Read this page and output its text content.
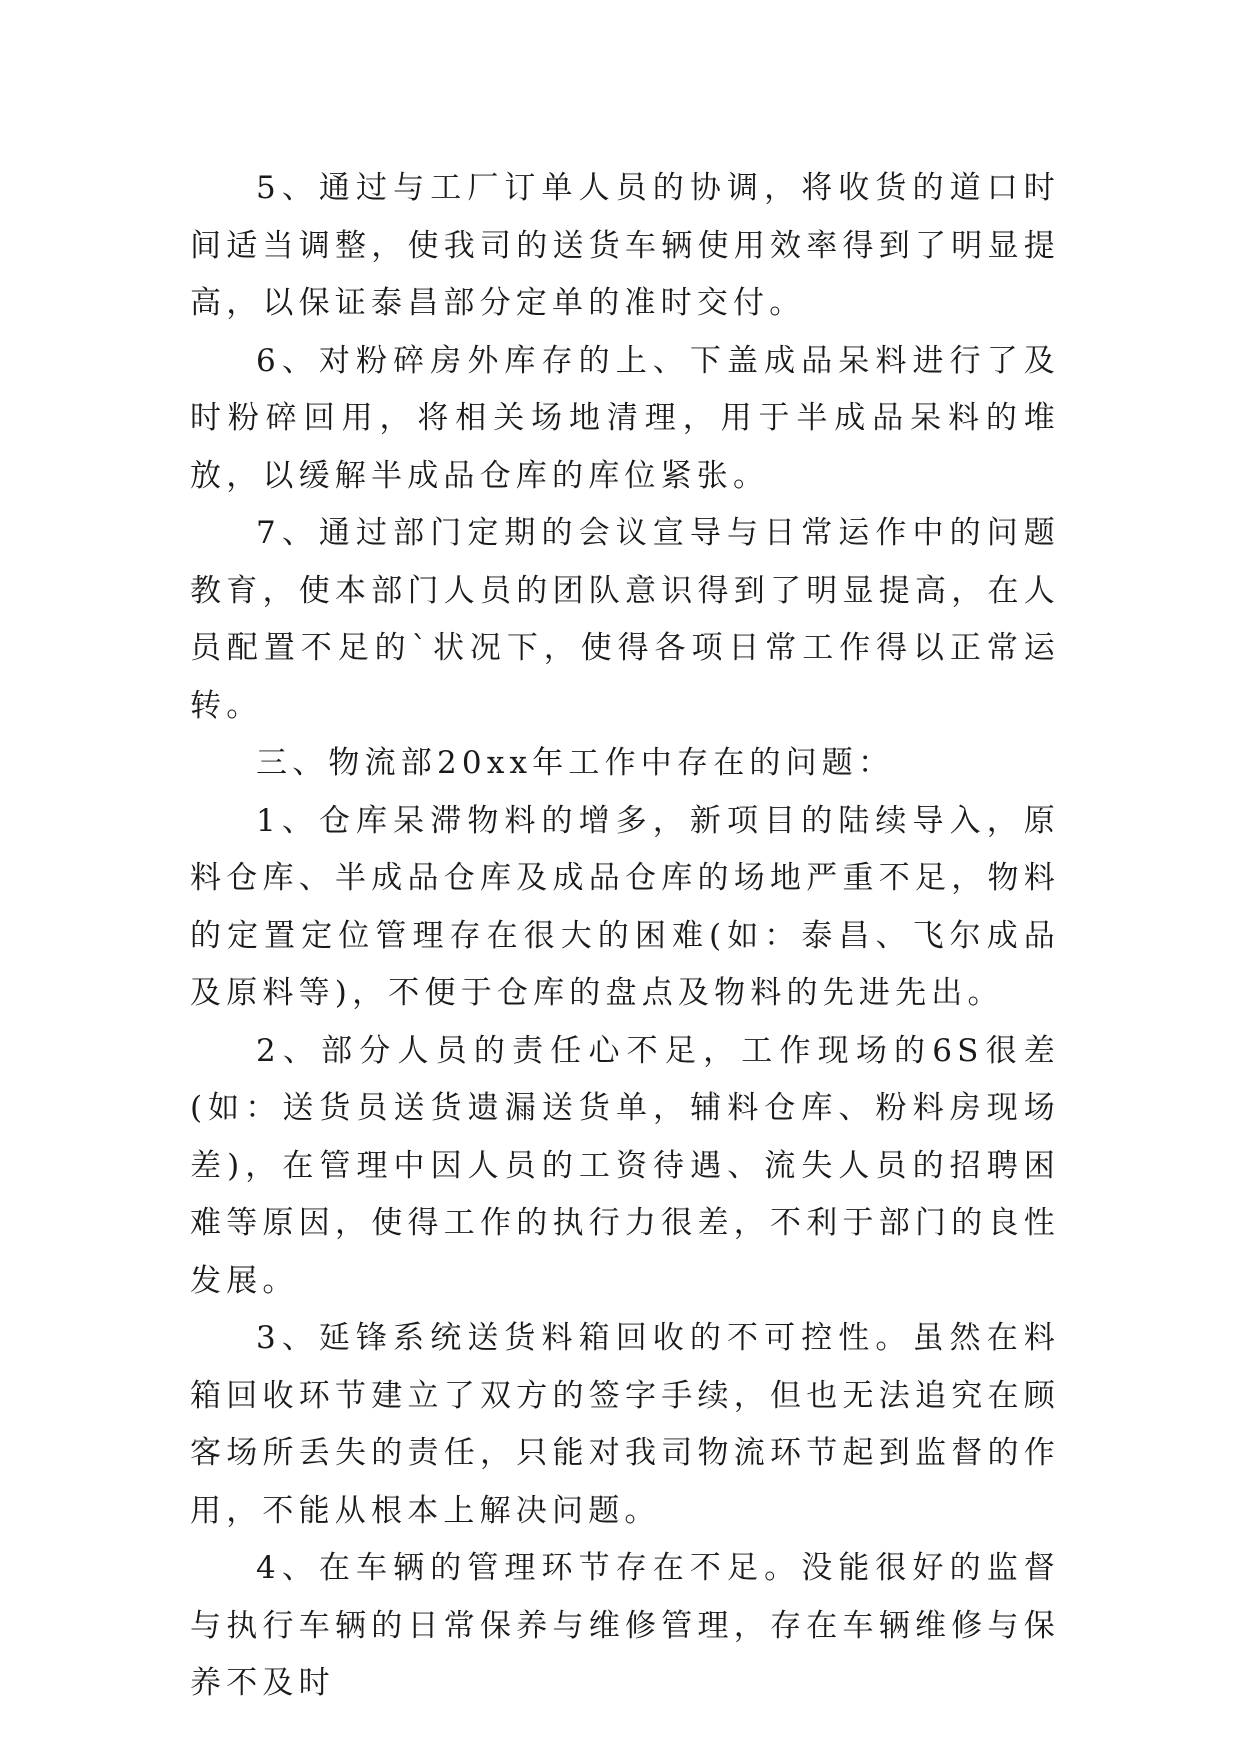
5、通过与工厂订单人员的协调，将收货的道口时间适当调整，使我司的送货车辆使用效率得到了明显提高，以保证泰昌部分定单的准时交付。

6、对粉碎房外库存的上、下盖成品呆料进行了及时粉碎回用，将相关场地清理，用于半成品呆料的堆放，以缓解半成品仓库的库位紧张。

7、通过部门定期的会议宣导与日常运作中的问题教育，使本部门人员的团队意识得到了明显提高，在人员配置不足的`状况下，使得各项日常工作得以正常运转。

三、物流部20xx年工作中存在的问题：

1、仓库呆滞物料的增多，新项目的陆续导入，原料仓库、半成品仓库及成品仓库的场地严重不足，物料的定置定位管理存在很大的困难(如：泰昌、飞尔成品及原料等)，不便于仓库的盘点及物料的先进先出。

2、部分人员的责任心不足，工作现场的6S很差(如：送货员送货遗漏送货单，辅料仓库、粉料房现场差)，在管理中因人员的工资待遇、流失人员的招聘困难等原因，使得工作的执行力很差，不利于部门的良性发展。

3、延锋系统送货料箱回收的不可控性。虽然在料箱回收环节建立了双方的签字手续，但也无法追究在顾客场所丢失的责任，只能对我司物流环节起到监督的作用，不能从根本上解决问题。

4、在车辆的管理环节存在不足。没能很好的监督与执行车辆的日常保养与维修管理，存在车辆维修与保养不及时
